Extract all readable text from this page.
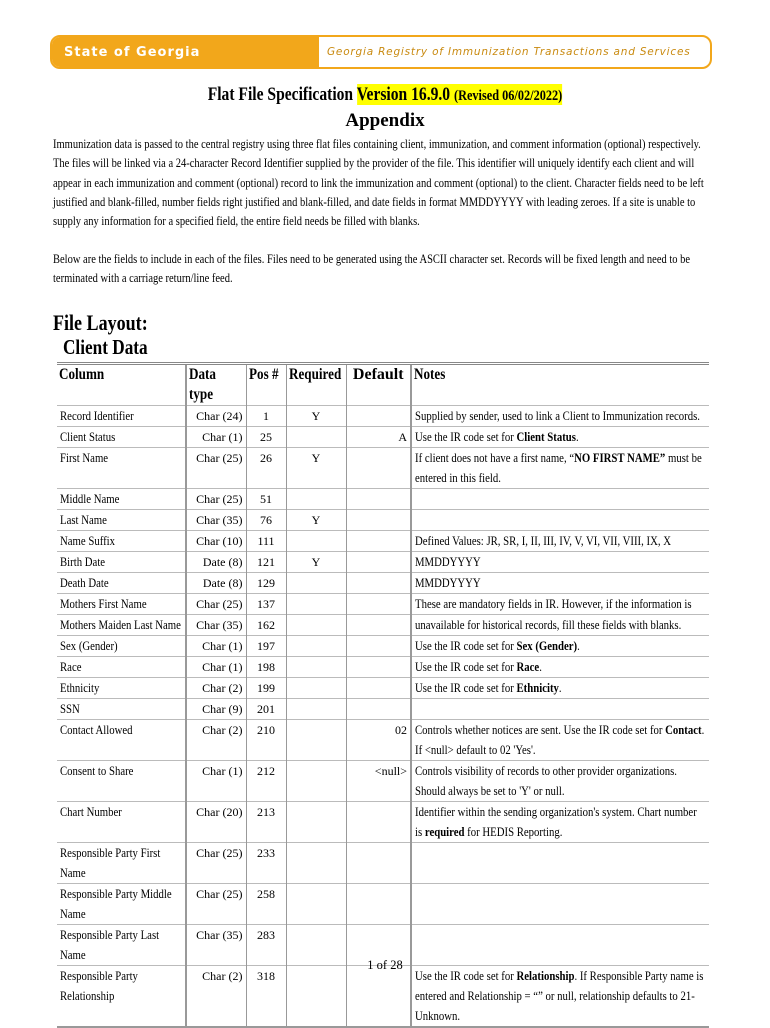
State of Georgia	Georgia Registry of Immunization Transactions and Services
Flat File Specification Version 16.9.0 (Revised 06/02/2022)
Appendix
Immunization data is passed to the central registry using three flat files containing client, immunization, and comment information (optional) respectively. The files will be linked via a 24-character Record Identifier supplied by the provider of the file. This identifier will uniquely identify each client and will appear in each immunization and comment (optional) record to link the immunization and comment (optional) to the client. Character fields need to be left justified and blank-filled, number fields right justified and blank-filled, and date fields in format MMDDYYYY with leading zeroes. If a site is unable to supply any information for a specified field, the entire field needs be filled with blanks.
Below are the fields to include in each of the files. Files need to be generated using the ASCII character set. Records will be fixed length and need to be terminated with a carriage return/line feed.
File Layout:
Client Data
Column	Data type	Pos #	Required	Default	Notes

Record Identifier	Char (24)	1	Y		Supplied by sender, used to link a Client to Immunization records.

Client Status	Char (1)	25		A	Use the IR code set for Client Status.

First Name	Char (25)	26	Y		If client does not have a first name, “NO FIRST NAME” must be entered in this field.

Middle Name	Char (25)	51			

Last Name	Char (35)	76	Y		

Name Suffix	Char (10)	111			Defined Values: JR, SR, I, II, III, IV, V, VI, VII, VIII, IX, X

Birth Date	Date (8)	121	Y		MMDDYYYY

Death Date	Date (8)	129			MMDDYYYY

Mothers First Name	Char (25)	137			These are mandatory fields in IR. However, if the information is

Mothers Maiden Last Name	Char (35)	162			unavailable for historical records, fill these fields with blanks.

Sex (Gender)	Char (1)	197			Use the IR code set for Sex (Gender).

Race	Char (1)	198			Use the IR code set for Race.

Ethnicity	Char (2)	199			Use the IR code set for Ethnicity.

SSN	Char (9)	201			

Contact Allowed	Char (2)	210		02	Controls whether notices are sent. Use the IR code set for Contact. If <null> default to 02 'Yes'.

Consent to Share	Char (1)	212		<null>	Controls visibility of records to other provider organizations. Should always be set to 'Y' or null.

Chart Number	Char (20)	213			Identifier within the sending organization's system. Chart number is required for HEDIS Reporting.

Responsible Party First Name	Char (25)	233			

Responsible Party Middle Name	Char (25)	258			

Responsible Party Last Name	Char (35)	283			

Responsible Party Relationship	Char (2)	318			Use the IR code set for Relationship. If Responsible Party name is entered and Relationship = “” or null, relationship defaults to 21-Unknown.
1 of 28
